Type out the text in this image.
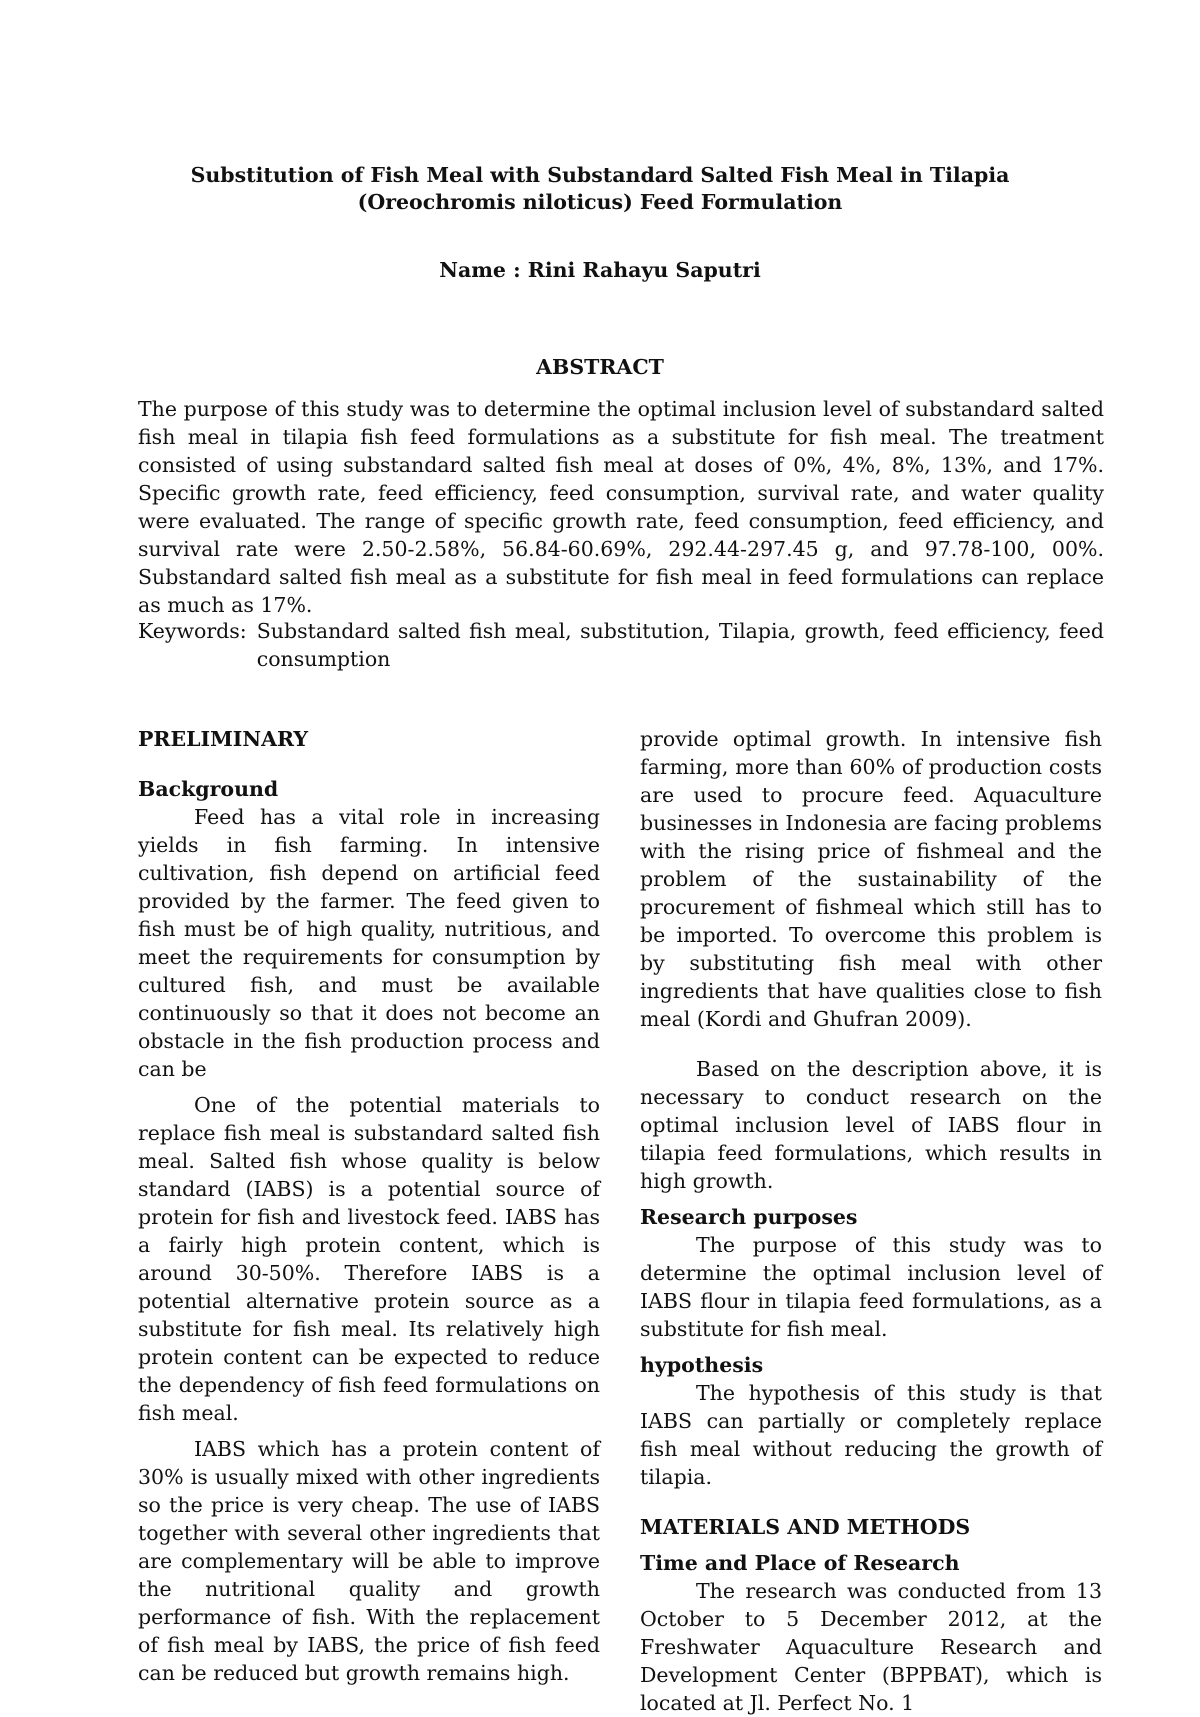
Substitution of Fish Meal with Substandard Salted Fish Meal in Tilapia (Oreochromis niloticus) Feed Formulation
Name : Rini Rahayu Saputri
ABSTRACT

The purpose of this study was to determine the optimal inclusion level of substandard salted fish meal in tilapia fish feed formulations as a substitute for fish meal. The treatment consisted of using substandard salted fish meal at doses of 0%, 4%, 8%, 13%, and 17%. Specific growth rate, feed efficiency, feed consumption, survival rate, and water quality were evaluated. The range of specific growth rate, feed consumption, feed efficiency, and survival rate were 2.50-2.58%, 56.84-60.69%, 292.44-297.45 g, and 97.78-100, 00%. Substandard salted fish meal as a substitute for fish meal in feed formulations can replace as much as 17%.

Keywords: Substandard salted fish meal, substitution, Tilapia, growth, feed efficiency, feed consumption

PRELIMINARY

Background

Feed has a vital role in increasing yields in fish farming. In intensive cultivation, fish depend on artificial feed provided by the farmer. The feed given to fish must be of high quality, nutritious, and meet the requirements for consumption by cultured fish, and must be available continuously so that it does not become an obstacle in the fish production process and can be

One of the potential materials to replace fish meal is substandard salted fish meal. Salted fish whose quality is below standard (IABS) is a potential source of protein for fish and livestock feed. IABS has a fairly high protein content, which is around 30-50%. Therefore IABS is a potential alternative protein source as a substitute for fish meal. Its relatively high protein content can be expected to reduce the dependency of fish feed formulations on fish meal.

IABS which has a protein content of 30% is usually mixed with other ingredients so the price is very cheap. The use of IABS together with several other ingredients that are complementary will be able to improve the nutritional quality and growth performance of fish. With the replacement of fish meal by IABS, the price of fish feed can be reduced but growth remains high.

provide optimal growth. In intensive fish farming, more than 60% of production costs are used to procure feed. Aquaculture businesses in Indonesia are facing problems with the rising price of fishmeal and the problem of the sustainability of the procurement of fishmeal which still has to be imported. To overcome this problem is by substituting fish meal with other ingredients that have qualities close to fish meal (Kordi and Ghufran 2009).

Based on the description above, it is necessary to conduct research on the optimal inclusion level of IABS flour in tilapia feed formulations, which results in high growth.

Research purposes

The purpose of this study was to determine the optimal inclusion level of IABS flour in tilapia feed formulations, as a substitute for fish meal.

hypothesis

The hypothesis of this study is that IABS can partially or completely replace fish meal without reducing the growth of tilapia.

MATERIALS AND METHODS

Time and Place of Research

The research was conducted from 13 October to 5 December 2012, at the Freshwater Aquaculture Research and Development Center (BPPBAT), which is located at Jl. Perfect No. 1
